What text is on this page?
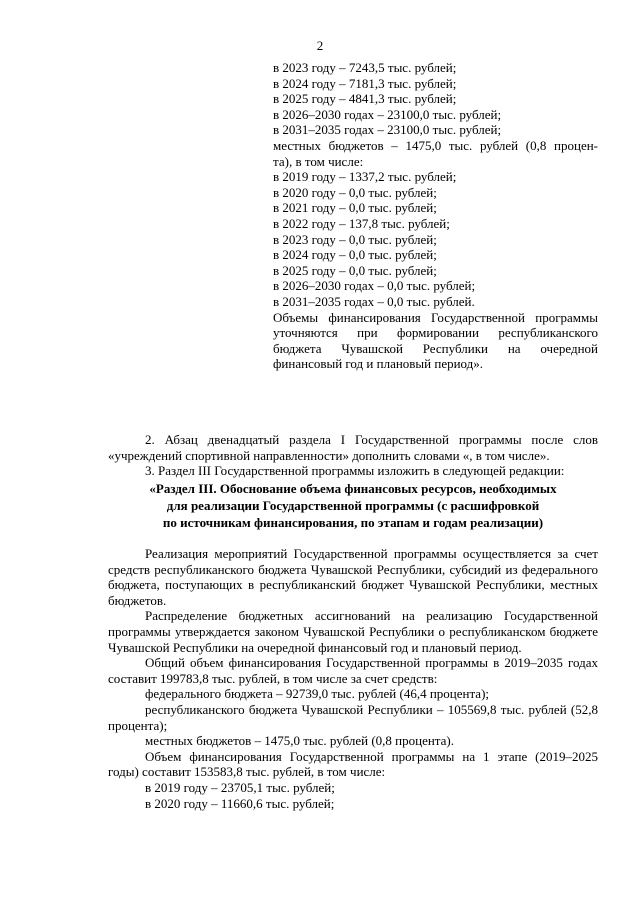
2
в 2023 году – 7243,5 тыс. рублей;
в 2024 году – 7181,3 тыс. рублей;
в 2025 году – 4841,3 тыс. рублей;
в 2026–2030 годах – 23100,0 тыс. рублей;
в 2031–2035 годах – 23100,0 тыс. рублей;
местных бюджетов – 1475,0 тыс. рублей (0,8 процен-
та), в том числе:
в 2019 году – 1337,2 тыс. рублей;
в 2020 году – 0,0 тыс. рублей;
в 2021 году – 0,0 тыс. рублей;
в 2022 году – 137,8 тыс. рублей;
в 2023 году – 0,0 тыс. рублей;
в 2024 году – 0,0 тыс. рублей;
в 2025 году – 0,0 тыс. рублей;
в 2026–2030 годах – 0,0 тыс. рублей;
в 2031–2035 годах – 0,0 тыс. рублей.
Объемы финансирования Государственной программы уточняются при формировании республиканского бюджета Чувашской Республики на очередной финансовый год и плановый период».

2. Абзац двенадцатый раздела I Государственной программы после слов «учреждений спортивной направленности» дополнить словами «, в том числе».

3. Раздел III Государственной программы изложить в следующей редакции:

«Раздел III. Обоснование объема финансовых ресурсов, необходимых
для реализации Государственной программы (с расшифровкой
по источникам финансирования, по этапам и годам реализации)

Реализация мероприятий Государственной программы осуществляется за счет средств республиканского бюджета Чувашской Республики, субсидий из федерального бюджета, поступающих в республиканский бюджет Чувашской Республики, местных бюджетов.

Распределение бюджетных ассигнований на реализацию Государственной программы утверждается законом Чувашской Республики о республиканском бюджете Чувашской Республики на очередной финансовый год и плановый период.

Общий объем финансирования Государственной программы в 2019–2035 годах составит 199783,8 тыс. рублей, в том числе за счет средств:

федерального бюджета – 92739,0 тыс. рублей (46,4 процента);

республиканского бюджета Чувашской Республики – 105569,8 тыс. рублей (52,8 процента);

местных бюджетов – 1475,0 тыс. рублей (0,8 процента).

Объем финансирования Государственной программы на 1 этапе (2019–2025 годы) составит 153583,8 тыс. рублей, в том числе:

в 2019 году – 23705,1 тыс. рублей;

в 2020 году – 11660,6 тыс. рублей;
